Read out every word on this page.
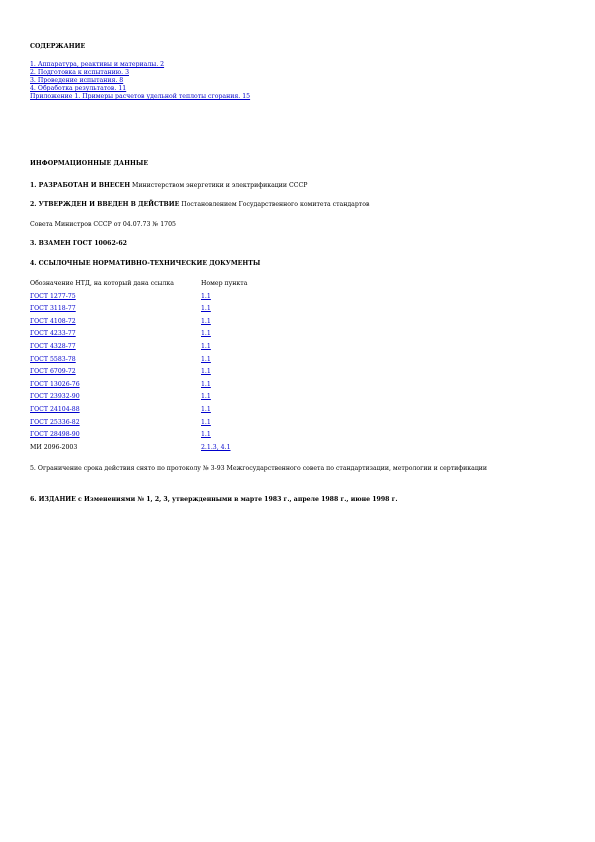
СОДЕРЖАНИЕ
1. Аппаратура, реактивы и материалы. 2
2. Подготовка к испытанию. 3
3. Проведение испытания. 8
4. Обработка результатов. 11
Приложение 1. Примеры расчетов удельной теплоты сгорания. 15
ИНФОРМАЦИОННЫЕ ДАННЫЕ
1. РАЗРАБОТАН И ВНЕСЕН Министерством энергетики и электрификации СССР
2. УТВЕРЖДЕН И ВВЕДЕН В ДЕЙСТВИЕ Постановлением Государственного комитета стандартов
Совета Министров СССР от 04.07.73 № 1705
3. ВЗАМЕН ГОСТ 10062-62
4. ССЫЛОЧНЫЕ НОРМАТИВНО-ТЕХНИЧЕСКИЕ ДОКУМЕНТЫ
Обозначение НТД, на который дана ссылка	Номер пункта
ГОСТ 1277-75	1.1
ГОСТ 3118-77	1.1
ГОСТ 4108-72	1.1
ГОСТ 4233-77	1.1
ГОСТ 4328-77	1.1
ГОСТ 5583-78	1.1
ГОСТ 6709-72	1.1
ГОСТ 13026-76	1.1
ГОСТ 23932-90	1.1
ГОСТ 24104-88	1.1
ГОСТ 25336-82	1.1
ГОСТ 28498-90	1.1
МИ 2096-2003	2.1.3, 4.1
5. Ограничение срока действия снято по протоколу № 3-93 Межгосударственного совета по стандартизации, метрологии и сертификации
6. ИЗДАНИЕ с Изменениями № 1, 2, 3, утвержденными в марте 1983 г., апреле 1988 г., июне 1998 г.
